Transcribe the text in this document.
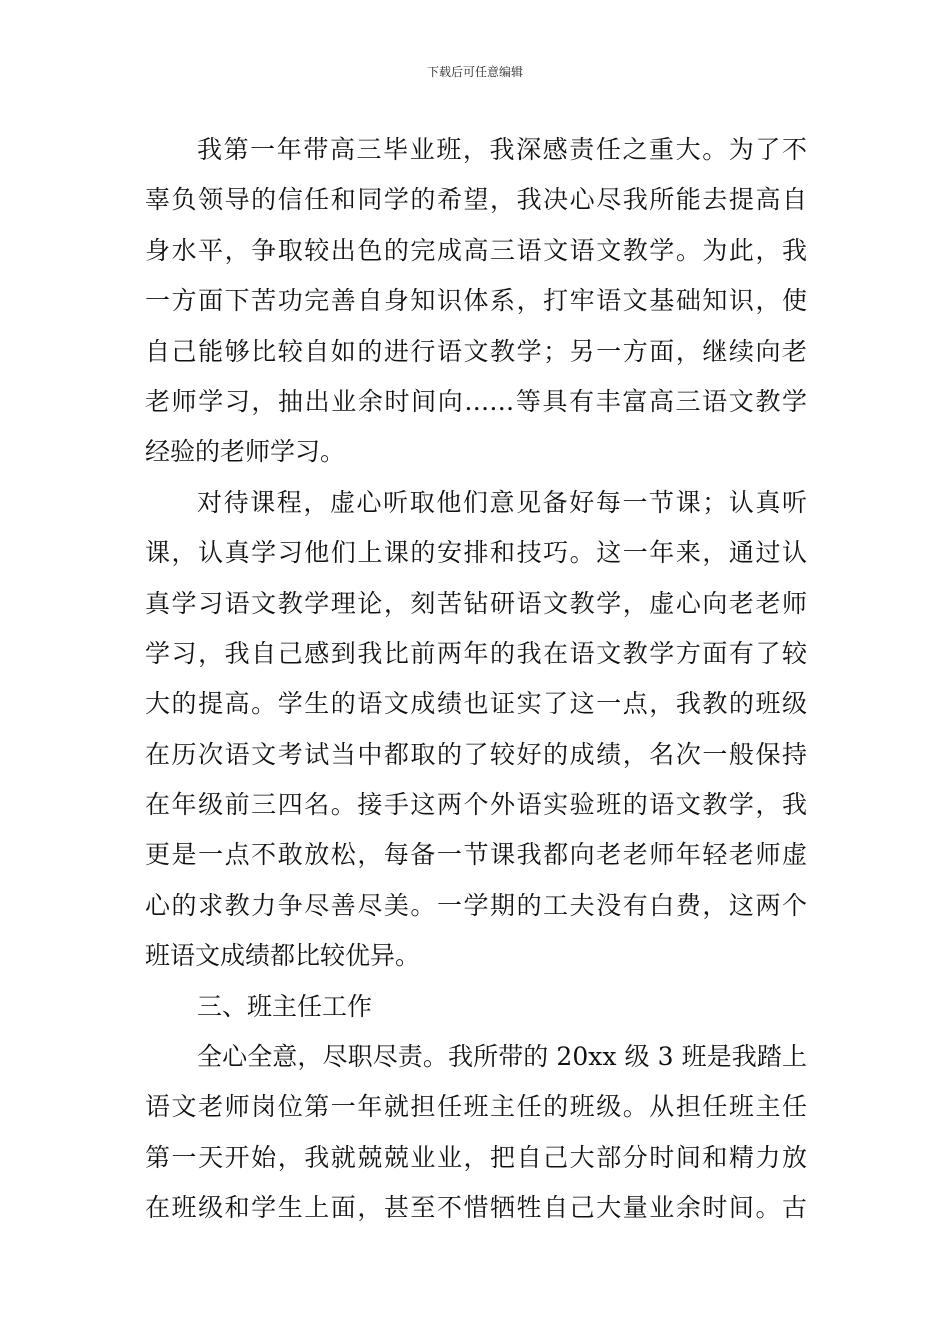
下载后可任意编辑
我第一年带高三毕业班，我深感责任之重大。为了不
辜负领导的信任和同学的希望，我决心尽我所能去提高自
身水平，争取较出色的完成高三语文语文教学。为此，我
一方面下苦功完善自身知识体系，打牢语文基础知识，使
自己能够比较自如的进行语文教学；另一方面，继续向老
老师学习，抽出业余时间向……等具有丰富高三语文教学
经验的老师学习。
对待课程，虚心听取他们意见备好每一节课；认真听
课，认真学习他们上课的安排和技巧。这一年来，通过认
真学习语文教学理论，刻苦钻研语文教学，虚心向老老师
学习，我自己感到我比前两年的我在语文教学方面有了较
大的提高。学生的语文成绩也证实了这一点，我教的班级
在历次语文考试当中都取的了较好的成绩，名次一般保持
在年级前三四名。接手这两个外语实验班的语文教学，我
更是一点不敢放松，每备一节课我都向老老师年轻老师虚
心的求教力争尽善尽美。一学期的工夫没有白费，这两个
班语文成绩都比较优异。
三、班主任工作
全心全意，尽职尽责。我所带的 20xx 级 3 班是我踏上
语文老师岗位第一年就担任班主任的班级。从担任班主任
第一天开始，我就兢兢业业，把自己大部分时间和精力放
在班级和学生上面，甚至不惜牺牲自己大量业余时间。古
